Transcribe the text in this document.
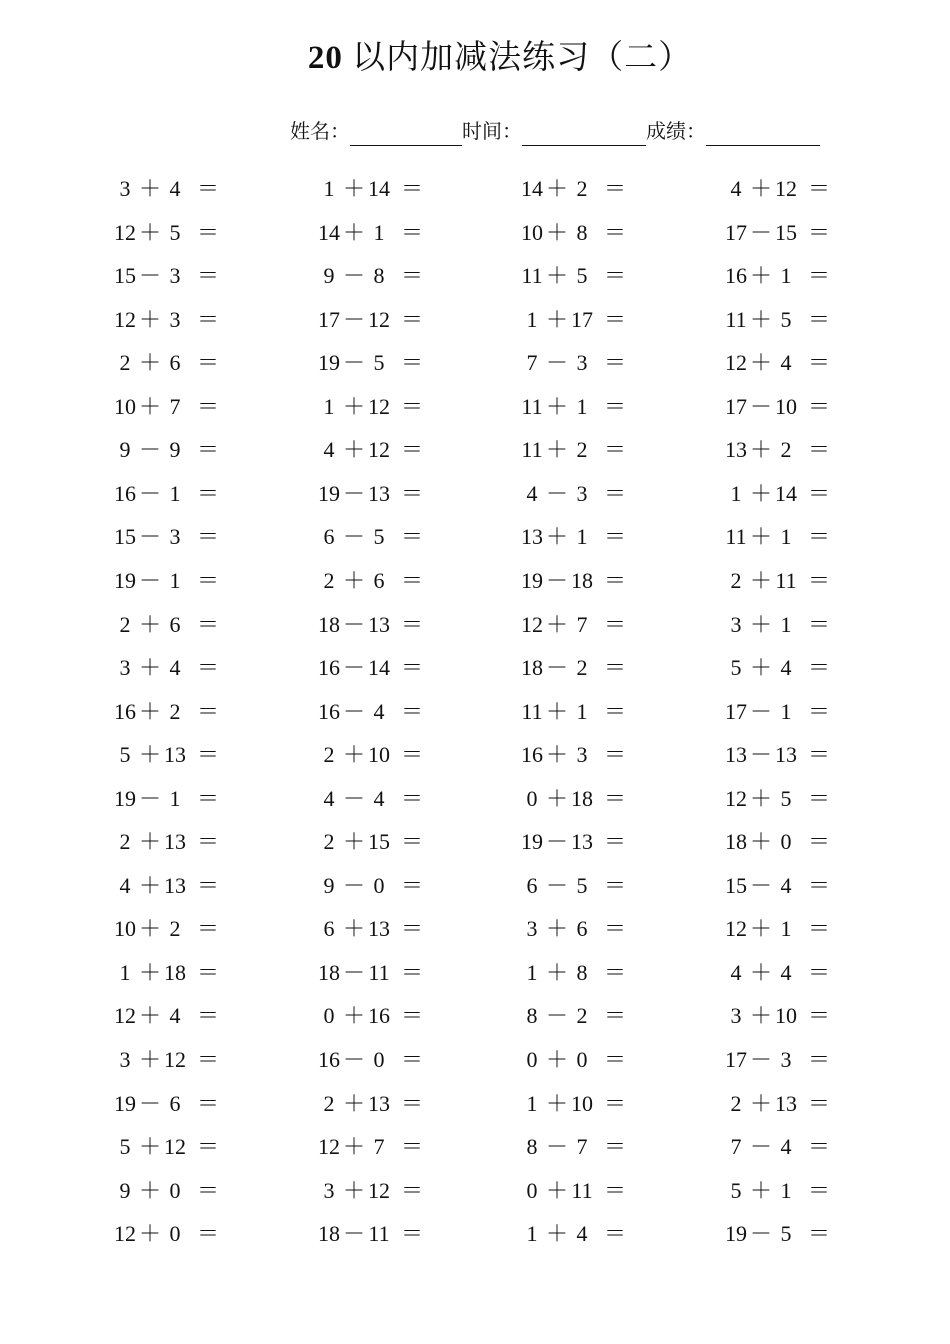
20 以内加减法练习（二）
姓名：	时间：	成绩：
3 ＋ 4 ＝
12 ＋ 5 ＝
15 － 3 ＝
12 ＋ 3 ＝
2 ＋ 6 ＝
10 ＋ 7 ＝
9 － 9 ＝
16 － 1 ＝
15 － 3 ＝
19 － 1 ＝
2 ＋ 6 ＝
3 ＋ 4 ＝
16 ＋ 2 ＝
5 ＋ 13 ＝
19 － 1 ＝
2 ＋ 13 ＝
4 ＋ 13 ＝
10 ＋ 2 ＝
1 ＋ 18 ＝
12 ＋ 4 ＝
3 ＋ 12 ＝
19 － 6 ＝
5 ＋ 12 ＝
9 ＋ 0 ＝
12 ＋ 0 ＝
1 ＋ 14 ＝
14 ＋ 1 ＝
9 － 8 ＝
17 － 12 ＝
19 － 5 ＝
1 ＋ 12 ＝
4 ＋ 12 ＝
19 － 13 ＝
6 － 5 ＝
2 ＋ 6 ＝
18 － 13 ＝
16 － 14 ＝
16 － 4 ＝
2 ＋ 10 ＝
4 － 4 ＝
2 ＋ 15 ＝
9 － 0 ＝
6 ＋ 13 ＝
18 － 11 ＝
0 ＋ 16 ＝
16 － 0 ＝
2 ＋ 13 ＝
12 ＋ 7 ＝
3 ＋ 12 ＝
18 － 11 ＝
14 ＋ 2 ＝
10 ＋ 8 ＝
11 ＋ 5 ＝
1 ＋ 17 ＝
7 － 3 ＝
11 ＋ 1 ＝
11 ＋ 2 ＝
4 － 3 ＝
13 ＋ 1 ＝
19 － 18 ＝
12 ＋ 7 ＝
18 － 2 ＝
11 ＋ 1 ＝
16 ＋ 3 ＝
0 ＋ 18 ＝
19 － 13 ＝
6 － 5 ＝
3 ＋ 6 ＝
1 ＋ 8 ＝
8 － 2 ＝
0 ＋ 0 ＝
1 ＋ 10 ＝
8 － 7 ＝
0 ＋ 11 ＝
1 ＋ 4 ＝
4 ＋ 12 ＝
17 － 15 ＝
16 ＋ 1 ＝
11 ＋ 5 ＝
12 ＋ 4 ＝
17 － 10 ＝
13 ＋ 2 ＝
1 ＋ 14 ＝
11 ＋ 1 ＝
2 ＋ 11 ＝
3 ＋ 1 ＝
5 ＋ 4 ＝
17 － 1 ＝
13 － 13 ＝
12 ＋ 5 ＝
18 ＋ 0 ＝
15 － 4 ＝
12 ＋ 1 ＝
4 ＋ 4 ＝
3 ＋ 10 ＝
17 － 3 ＝
2 ＋ 13 ＝
7 － 4 ＝
5 ＋ 1 ＝
19 － 5 ＝
